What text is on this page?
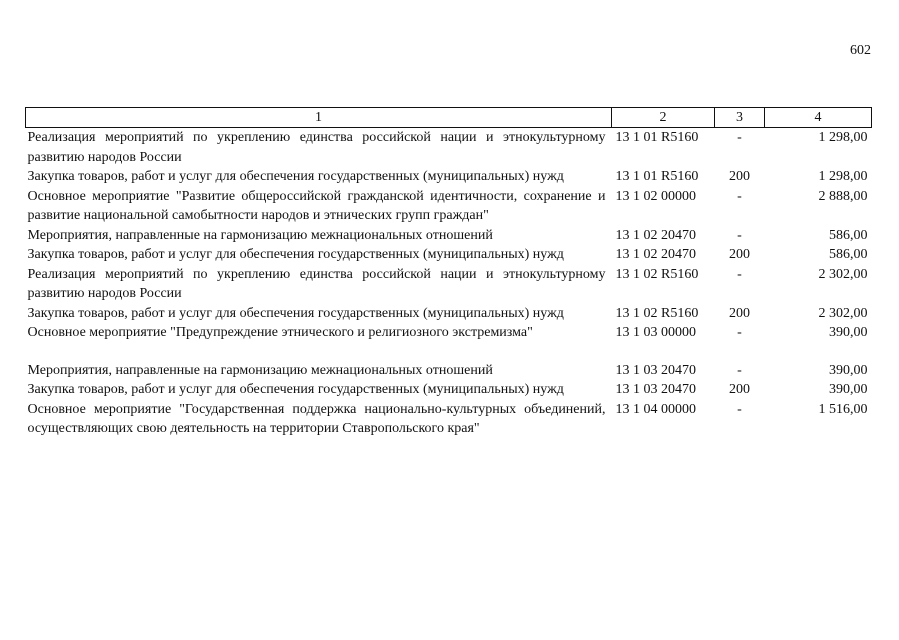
602
1	2	3	4
Реализация мероприятий по укреплению единства российской нации и этнокультурному развитию народов России	13 1 01 R5160	-	1 298,00
Закупка товаров, работ и услуг для обеспечения государственных (муниципальных) нужд	13 1 01 R5160	200	1 298,00
Основное мероприятие "Развитие общероссийской гражданской идентичности, сохранение и развитие национальной самобытности народов и этнических групп граждан"	13 1 02 00000	-	2 888,00
Мероприятия, направленные на гармонизацию межнациональных отношений	13 1 02 20470	-	586,00
Закупка товаров, работ и услуг для обеспечения государственных (муниципальных) нужд	13 1 02 20470	200	586,00
Реализация мероприятий по укреплению единства российской нации и этнокультурному развитию народов России	13 1 02 R5160	-	2 302,00
Закупка товаров, работ и услуг для обеспечения государственных (муниципальных) нужд	13 1 02 R5160	200	2 302,00
Основное мероприятие "Предупреждение этнического и религиозного экстремизма"	13 1 03 00000	-	390,00
Мероприятия, направленные на гармонизацию межнациональных отношений	13 1 03 20470	-	390,00
Закупка товаров, работ и услуг для обеспечения государственных (муниципальных) нужд	13 1 03 20470	200	390,00
Основное мероприятие "Государственная поддержка национально-культурных объединений, осуществляющих свою деятельность на территории Ставропольского края"	13 1 04 00000	-	1 516,00
